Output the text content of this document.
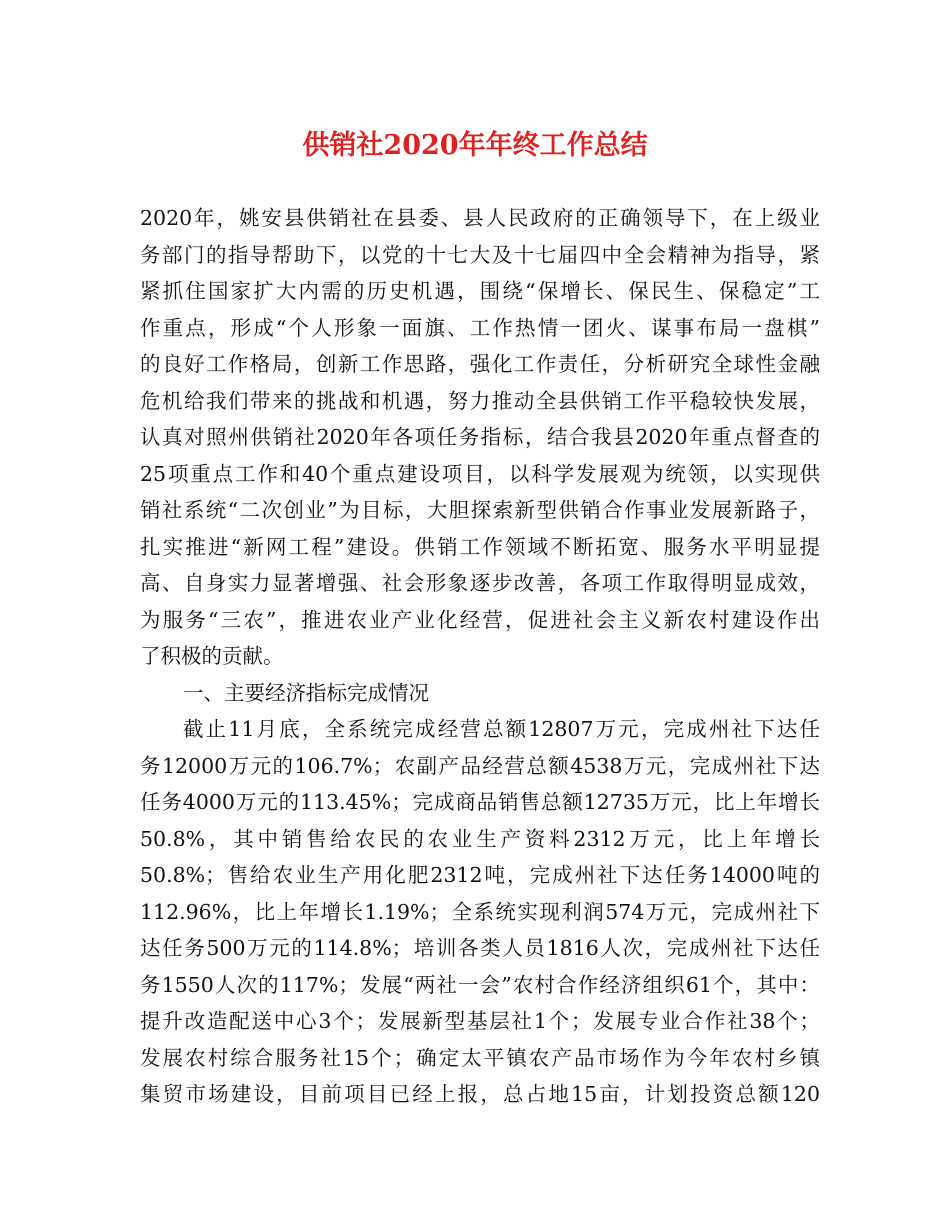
供销社2020年年终工作总结
2020年，姚安县供销社在县委、县人民政府的正确领导下，在上级业
务部门的指导帮助下，以党的十七大及十七届四中全会精神为指导，紧
紧抓住国家扩大内需的历史机遇，围绕“保增长、保民生、保稳定”工
作重点，形成“个人形象一面旗、工作热情一团火、谋事布局一盘棋”
的良好工作格局，创新工作思路，强化工作责任，分析研究全球性金融
危机给我们带来的挑战和机遇，努力推动全县供销工作平稳较快发展，
认真对照州供销社2020年各项任务指标，结合我县2020年重点督查的
25项重点工作和40个重点建设项目，以科学发展观为统领，以实现供
销社系统“二次创业”为目标，大胆探索新型供销合作事业发展新路子，
扎实推进“新网工程”建设。供销工作领域不断拓宽、服务水平明显提
高、自身实力显著增强、社会形象逐步改善，各项工作取得明显成效，
为服务“三农”，推进农业产业化经营，促进社会主义新农村建设作出
了积极的贡献。
一、主要经济指标完成情况
截止11月底，全系统完成经营总额12807万元，完成州社下达任
务12000万元的106.7%；农副产品经营总额4538万元，完成州社下达
任务4000万元的113.45%；完成商品销售总额12735万元，比上年增长
50.8%，其中销售给农民的农业生产资料2312万元，比上年增长
50.8%；售给农业生产用化肥2312吨，完成州社下达任务14000吨的
112.96%，比上年增长1.19%；全系统实现利润574万元，完成州社下
达任务500万元的114.8%；培训各类人员1816人次，完成州社下达任
务1550人次的117%；发展“两社一会”农村合作经济组织61个，其中：
提升改造配送中心3个；发展新型基层社1个；发展专业合作社38个；
发展农村综合服务社15个；确定太平镇农产品市场作为今年农村乡镇
集贸市场建设，目前项目已经上报，总占地15亩，计划投资总额120
